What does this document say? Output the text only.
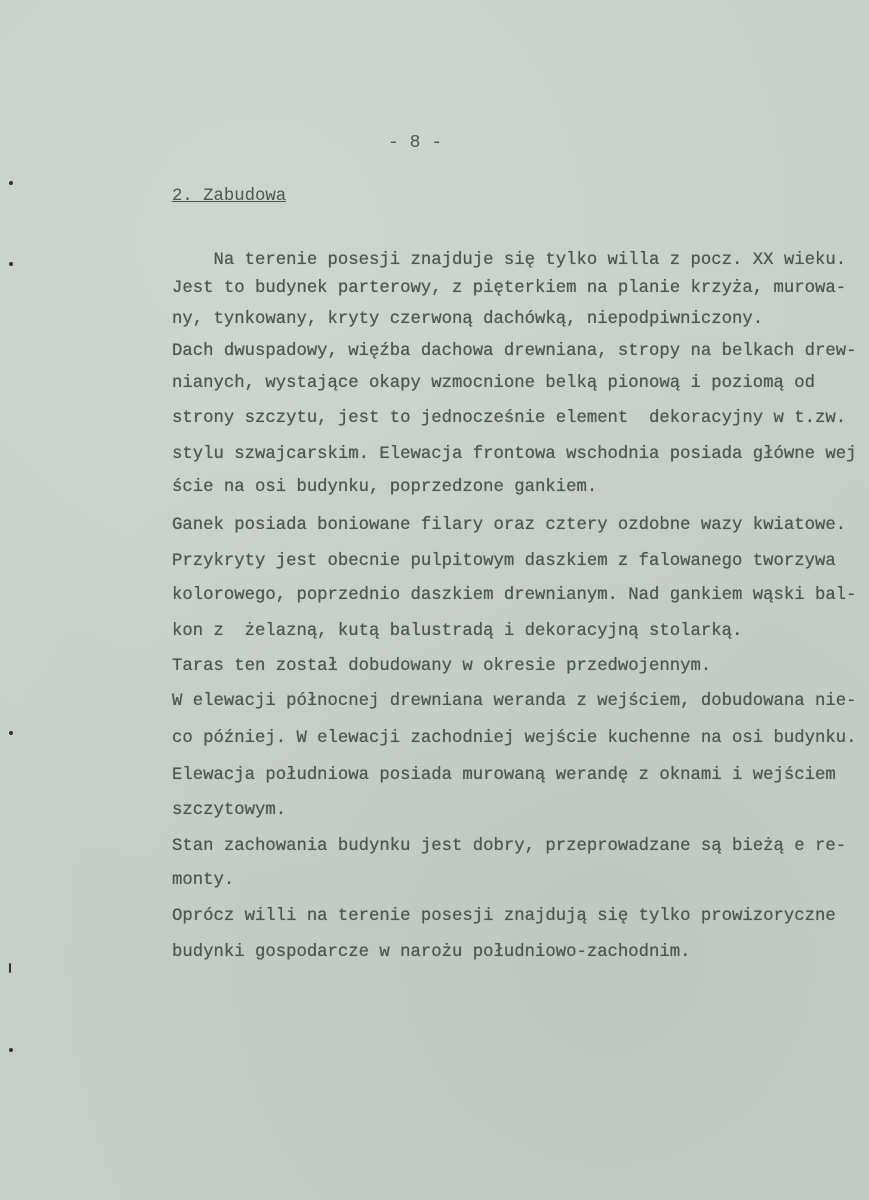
- 8 -
2. Zabudowa
Na terenie posesji znajduje się tylko willa z pocz. XX wieku.
Jest to budynek parterowy, z pięterkiem na planie krzyża, murowa-
ny, tynkowany, kryty czerwoną dachówką, niepodpiwniczony.
Dach dwuspadowy, więźba dachowa drewniana, stropy na belkach drew-
nianych, wystające okapy wzmocnione belką pionową i poziomą od
strony szczytu, jest to jednocześnie element  dekoracyjny w t.zw.
stylu szwajcarskim. Elewacja frontowa wschodnia posiada główne wej
ście na osi budynku, poprzedzone gankiem.
Ganek posiada boniowane filary oraz cztery ozdobne wazy kwiatowe.
Przykryty jest obecnie pulpitowym daszkiem z falowanego tworzywa
kolorowego, poprzednio daszkiem drewnianym. Nad gankiem wąski bal-
kon z  żelazną, kutą balustradą i dekoracyjną stolarką.
Taras ten został dobudowany w okresie przedwojennym.
W elewacji północnej drewniana weranda z wejściem, dobudowana nie-
co później. W elewacji zachodniej wejście kuchenne na osi budynku.
Elewacja południowa posiada murowaną werandę z oknami i wejściem
szczytowym.
Stan zachowania budynku jest dobry, przeprowadzane są bieżą e re-
monty.
Oprócz willi na terenie posesji znajdują się tylko prowizoryczne
budynki gospodarcze w narożu południowo-zachodnim.
